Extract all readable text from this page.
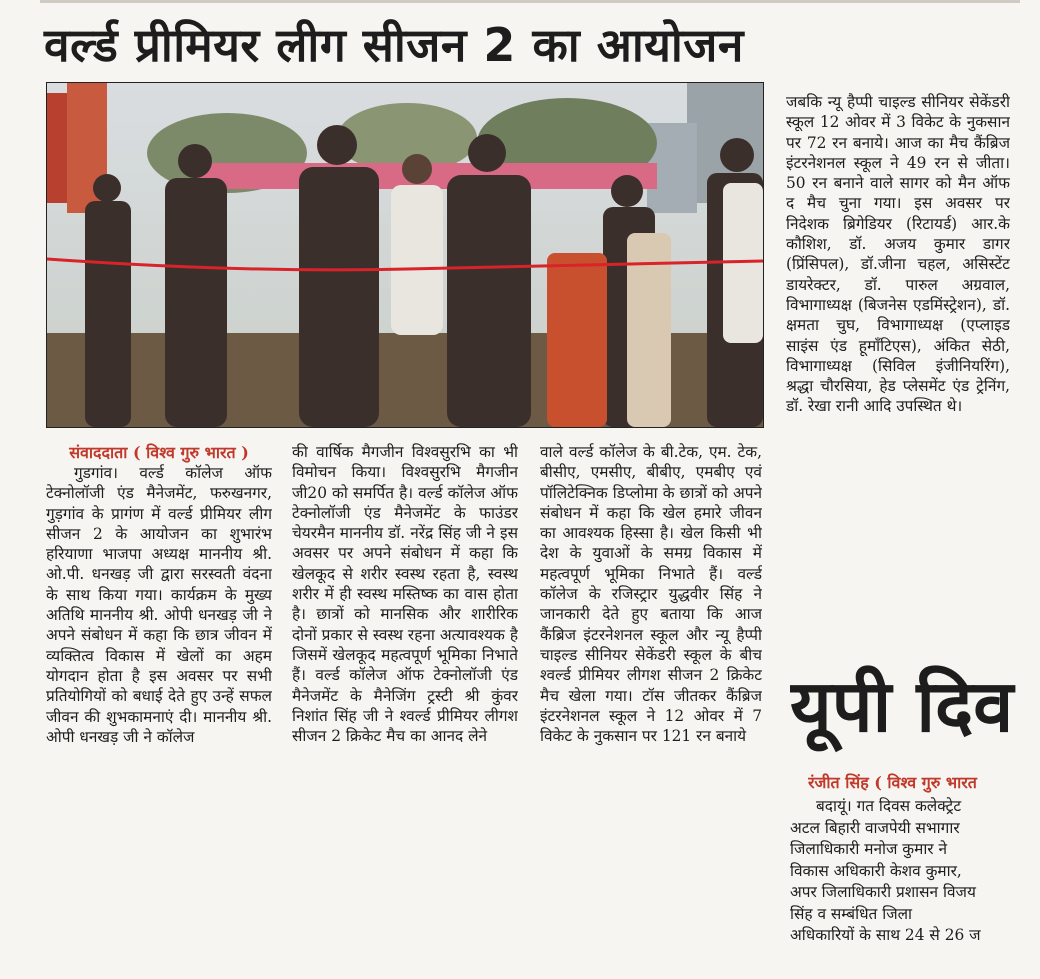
वर्ल्ड प्रीमियर लीग सीजन 2 का आयोजन
संवाददाता ( विश्व गुरु भारत )

गुडगांव। वर्ल्ड कॉलेज ऑफ टेक्नोलॉजी एंड मैनेजमेंट, फरुखनगर, गुड़गांव के प्रागंण में वर्ल्ड प्रीमियर लीग सीजन 2 के आयोजन का शुभारंभ हरियाणा भाजपा अध्यक्ष माननीय श्री. ओ.पी. धनखड़ जी द्वारा सरस्वती वंदना के साथ किया गया। कार्यक्रम के मुख्य अतिथि माननीय श्री. ओपी धनखड़ जी ने अपने संबोधन में कहा कि छात्र जीवन में व्यक्तित्व विकास में खेलों का अहम योगदान होता है इस अवसर पर सभी प्रतियोगियों को बधाई देते हुए उन्हें सफल जीवन की शुभकामनाएं दी। माननीय श्री. ओपी धनखड़ जी ने कॉलेज

की वार्षिक मैगजीन विश्वसुरभि का भी विमोचन किया। विश्वसुरभि मैगजीन जी20 को समर्पित है। वर्ल्ड कॉलेज ऑफ टेक्नोलॉजी एंड मैनेजमेंट के फाउंडर चेयरमैन माननीय डॉ. नरेंद्र सिंह जी ने इस अवसर पर अपने संबोधन में कहा कि खेलकूद से शरीर स्वस्थ रहता है, स्वस्थ शरीर में ही स्वस्थ मस्तिष्क का वास होता है। छात्रों को मानसिक और शारीरिक दोनों प्रकार से स्वस्थ रहना अत्यावश्यक है जिसमें खेलकूद महत्वपूर्ण भूमिका निभाते हैं। वर्ल्ड कॉलेज ऑफ टेक्नोलॉजी एंड मैनेजमेंट के मैनेजिंग ट्रस्टी श्री कुंवर निशांत सिंह जी ने श्वर्ल्ड प्रीमियर लीगश सीजन 2 क्रिकेट मैच का आनद लेने

वाले वर्ल्ड कॉलेज के बी.टेक, एम. टेक, बीसीए, एमसीए, बीबीए, एमबीए एवं पॉलिटेक्निक डिप्लोमा के छात्रों को अपने संबोधन में कहा कि खेल हमारे जीवन का आवश्यक हिस्सा है। खेल किसी भी देश के युवाओं के समग्र विकास में महत्वपूर्ण भूमिका निभाते हैं। वर्ल्ड कॉलेज के रजिस्ट्रार युद्धवीर सिंह ने जानकारी देते हुए बताया कि आज कैंब्रिज इंटरनेशनल स्कूल और न्यू हैप्पी चाइल्ड सीनियर सेकेंडरी स्कूल के बीच श्वर्ल्ड प्रीमियर लीगश सीजन 2 क्रिकेट मैच खेला गया। टॉस जीतकर कैंब्रिज इंटरनेशनल स्कूल ने 12 ओवर में 7 विकेट के नुकसान पर 121 रन बनाये

जबकि न्यू हैप्पी चाइल्ड सीनियर सेकेंडरी स्कूल 12 ओवर में 3 विकेट के नुकसान पर 72 रन बनाये। आज का मैच कैंब्रिज इंटरनेशनल स्कूल ने 49 रन से जीता। 50 रन बनाने वाले सागर को मैन ऑफ द मैच चुना गया। इस अवसर पर निदेशक ब्रिगेडियर (रिटायर्ड) आर.के कौशिश, डॉ. अजय कुमार डागर (प्रिंसिपल), डॉ.जीना चहल, असिस्टेंट डायरेक्टर, डॉ. पारुल अग्रवाल, विभागाध्यक्ष (बिजनेस एडमिंस्ट्रेशन), डॉ. क्षमता चुघ, विभागाध्यक्ष (एप्लाइड साइंस एंड हूमॉंटिएस), अंकित सेठी, विभागाध्यक्ष (सिविल इंजीनियरिंग), श्रद्धा चौरसिया, हेड प्लेसमेंट एंड ट्रेनिंग, डॉ. रेखा रानी आदि उपस्थित थे।

यूपी दिव
रंजीत सिंह ( विश्व गुरु भारत
बदायूं। गत दिवस कलेक्ट्रेट
अटल बिहारी वाजपेयी सभागार
जिलाधिकारी मनोज कुमार ने
विकास अधिकारी केशव कुमार,
अपर जिलाधिकारी प्रशासन विजय
सिंह व सम्बंधित जिला
अधिकारियों के साथ 24 से 26 ज
